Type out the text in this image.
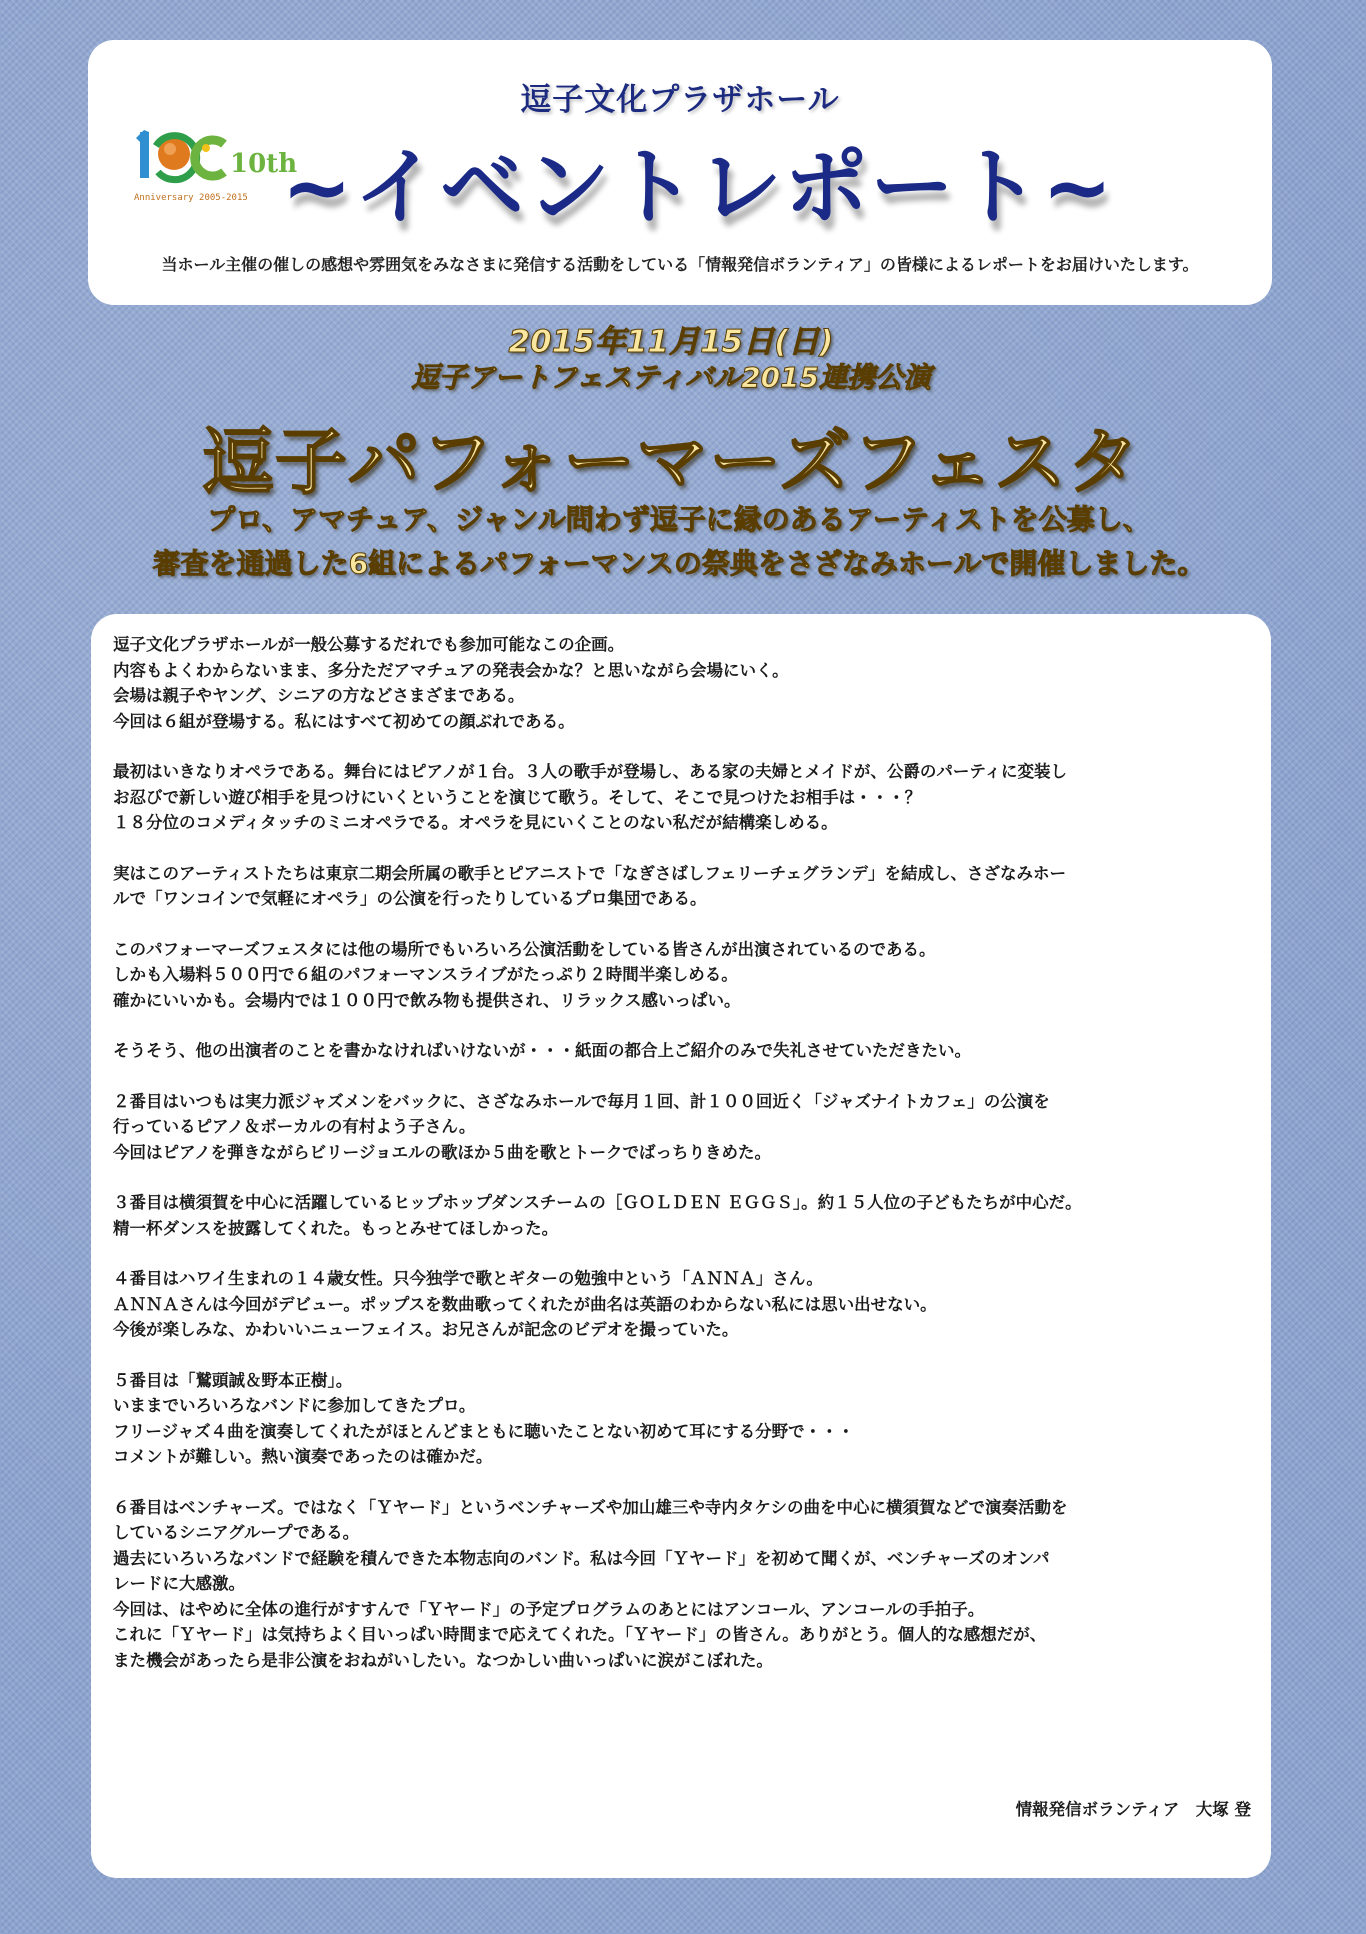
10th
Anniversary 2005-2015
逗子文化プラザホール
~イベントレポート~
当ホール主催の催しの感想や雰囲気をみなさまに発信する活動をしている「情報発信ボランティア」の皆様によるレポートをお届けいたします。
2015年11月15日(日)
逗子アートフェスティバル2015連携公演
逗子パフォーマーズフェスタ
プロ、アマチュア、ジャンル問わず逗子に縁のあるアーティストを公募し、
審査を通過した6組によるパフォーマンスの祭典をさざなみホールで開催しました。
逗子文化プラザホールが一般公募するだれでも参加可能なこの企画。
内容もよくわからないまま、多分ただアマチュアの発表会かな？と思いながら会場にいく。
会場は親子やヤング、シニアの方などさまざまである。
今回は６組が登場する。私にはすべて初めての顔ぶれである。
最初はいきなりオペラである。舞台にはピアノが１台。３人の歌手が登場し、ある家の夫婦とメイドが、公爵のパーティに変装し
お忍びで新しい遊び相手を見つけにいくということを演じて歌う。そして、そこで見つけたお相手は・・・？
１８分位のコメディタッチのミニオペラでる。オペラを見にいくことのない私だが結構楽しめる。
実はこのアーティストたちは東京二期会所属の歌手とピアニストで「なぎさばしフェリーチェグランデ」を結成し、さざなみホー
ルで「ワンコインで気軽にオペラ」の公演を行ったりしているプロ集団である。
このパフォーマーズフェスタには他の場所でもいろいろ公演活動をしている皆さんが出演されているのである。
しかも入場料５００円で６組のパフォーマンスライブがたっぷり２時間半楽しめる。
確かにいいかも。会場内では１００円で飲み物も提供され、リラックス感いっぱい。
そうそう、他の出演者のことを書かなければいけないが・・・紙面の都合上ご紹介のみで失礼させていただきたい。
２番目はいつもは実力派ジャズメンをバックに、さざなみホールで毎月１回、計１００回近く「ジャズナイトカフェ」の公演を
行っているピアノ＆ボーカルの有村よう子さん。
今回はピアノを弾きながらビリージョエルの歌ほか５曲を歌とトークでばっちりきめた。
３番目は横須賀を中心に活躍しているヒップホップダンスチームの［ＧＯＬＤＥＮ ＥＧＧＳ」。約１５人位の子どもたちが中心だ。
精一杯ダンスを披露してくれた。もっとみせてほしかった。
４番目はハワイ生まれの１４歳女性。只今独学で歌とギターの勉強中という「ＡＮＮＡ」さん。
ＡＮＮＡさんは今回がデビュー。ポップスを数曲歌ってくれたが曲名は英語のわからない私には思い出せない。
今後が楽しみな、かわいいニューフェイス。お兄さんが記念のビデオを撮っていた。
５番目は「鷲頭誠＆野本正樹」。
いままでいろいろなバンドに参加してきたプロ。
フリージャズ４曲を演奏してくれたがほとんどまともに聴いたことない初めて耳にする分野で・・・
コメントが難しい。熱い演奏であったのは確かだ。
６番目はベンチャーズ。ではなく「Ｙヤード」というベンチャーズや加山雄三や寺内タケシの曲を中心に横須賀などで演奏活動を
しているシニアグループである。
過去にいろいろなバンドで経験を積んできた本物志向のバンド。私は今回「Ｙヤード」を初めて聞くが、ベンチャーズのオンパ
レードに大感激。
今回は、はやめに全体の進行がすすんで「Ｙヤード」の予定プログラムのあとにはアンコール、アンコールの手拍子。
これに「Ｙヤード」は気持ちよく目いっぱい時間まで応えてくれた。「Ｙヤード」の皆さん。ありがとう。個人的な感想だが、
また機会があったら是非公演をおねがいしたい。なつかしい曲いっぱいに涙がこぼれた。
情報発信ボランティア　大塚 登
